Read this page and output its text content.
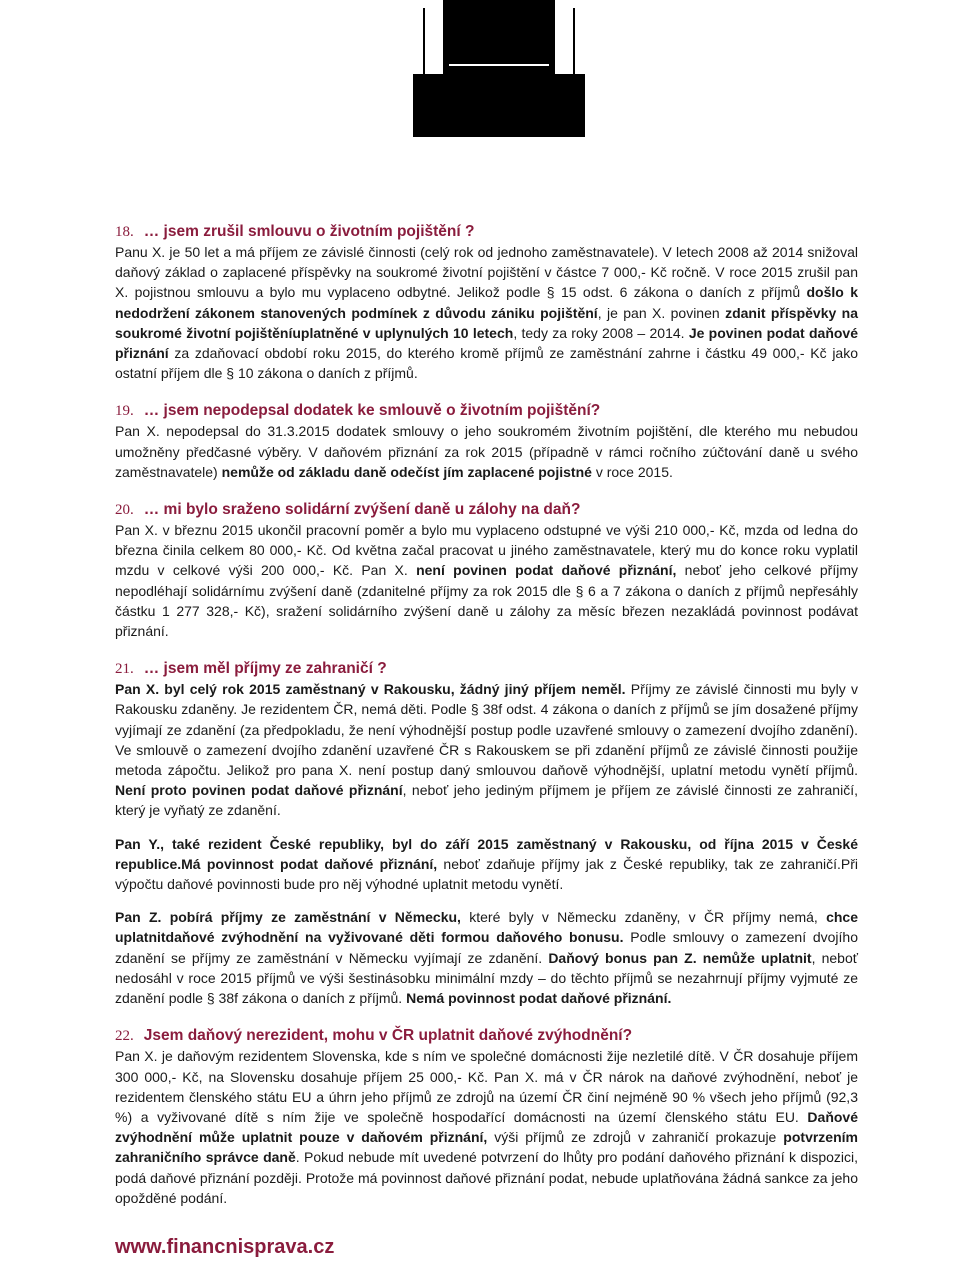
18. … jsem zrušil smlouvu o životním pojištění ?

Panu X. je 50 let a má příjem ze závislé činnosti (celý rok od jednoho zaměstnavatele). V letech 2008 až 2014 snižoval daňový základ o zaplacené příspěvky na soukromé životní pojištění v částce 7 000,- Kč ročně. V roce 2015 zrušil pan X. pojistnou smlouvu a bylo mu vyplaceno odbytné. Jelikož podle § 15 odst. 6 zákona o daních z příjmů došlo k nedodržení zákonem stanovených podmínek z důvodu zániku pojištění, je pan X. povinen zdanit příspěvky na soukromé životní pojištěníuplatněné v uplynulých 10 letech, tedy za roky 2008 – 2014. Je povinen podat daňové přiznání za zdaňovací období roku 2015, do kterého kromě příjmů ze zaměstnání zahrne i částku 49 000,- Kč jako ostatní příjem dle § 10 zákona o daních z příjmů.

19. … jsem nepodepsal dodatek ke smlouvě o životním pojištění?

Pan X. nepodepsal do 31.3.2015 dodatek smlouvy o jeho soukromém životním pojištění, dle kterého mu nebudou umožněny předčasné výběry. V daňovém přiznání za rok 2015 (případně v rámci ročního zúčtování daně u svého zaměstnavatele) nemůže od základu daně odečíst jím zaplacené pojistné v roce 2015.

20. … mi bylo sraženo solidární zvýšení daně u zálohy na daň?

Pan X. v březnu 2015 ukončil pracovní poměr a bylo mu vyplaceno odstupné ve výši 210 000,- Kč, mzda od ledna do března činila celkem 80 000,- Kč. Od května začal pracovat u jiného zaměstnavatele, který mu do konce roku vyplatil mzdu v celkové výši 200 000,- Kč. Pan X. není povinen podat daňové přiznání, neboť jeho celkové příjmy nepodléhají solidárnímu zvýšení daně (zdanitelné příjmy za rok 2015 dle § 6 a 7 zákona o daních z příjmů nepřesáhly částku 1 277 328,- Kč), sražení solidárního zvýšení daně u zálohy za měsíc březen nezakládá povinnost podávat přiznání.

21. … jsem měl příjmy ze zahraničí ?

Pan X. byl celý rok 2015 zaměstnaný v Rakousku, žádný jiný příjem neměl. Příjmy ze závislé činnosti mu byly v Rakousku zdaněny. Je rezidentem ČR, nemá děti. Podle § 38f odst. 4 zákona o daních z příjmů se jím dosažené příjmy vyjímají ze zdanění (za předpokladu, že není výhodnější postup podle uzavřené smlouvy o zamezení dvojího zdanění). Ve smlouvě o zamezení dvojího zdanění uzavřené ČR s Rakouskem se při zdanění příjmů ze závislé činnosti použije metoda zápočtu. Jelikož pro pana X. není postup daný smlouvou daňově výhodnější, uplatní metodu vynětí příjmů. Není proto povinen podat daňové přiznání, neboť jeho jediným příjmem je příjem ze závislé činnosti ze zahraničí, který je vyňatý ze zdanění.

Pan Y., také rezident České republiky, byl do září 2015 zaměstnaný v Rakousku, od října 2015 v České republice.Má povinnost podat daňové přiznání, neboť zdaňuje příjmy jak z České republiky, tak ze zahraničí.Při výpočtu daňové povinnosti bude pro něj výhodné uplatnit metodu vynětí.

Pan Z. pobírá příjmy ze zaměstnání v Německu, které byly v Německu zdaněny, v ČR příjmy nemá, chce uplatnitdaňové zvýhodnění na vyživované děti formou daňového bonusu. Podle smlouvy o zamezení dvojího zdanění se příjmy ze zaměstnání v Německu vyjímají ze zdanění. Daňový bonus pan Z. nemůže uplatnit, neboť nedosáhl v roce 2015 příjmů ve výši šestinásobku minimální mzdy – do těchto příjmů se nezahrnují příjmy vyjmuté ze zdanění podle § 38f zákona o daních z příjmů. Nemá povinnost podat daňové přiznání.

22. Jsem daňový nerezident, mohu v ČR uplatnit daňové zvýhodnění?

Pan X. je daňovým rezidentem Slovenska, kde s ním ve společné domácnosti žije nezletilé dítě. V ČR dosahuje příjem 300 000,- Kč, na Slovensku dosahuje příjem 25 000,- Kč. Pan X. má v ČR nárok na daňové zvýhodnění, neboť je rezidentem členského státu EU a úhrn jeho příjmů ze zdrojů na území ČR činí nejméně 90 % všech jeho příjmů (92,3 %) a vyživované dítě s ním žije ve společně hospodařící domácnosti na území členského státu EU. Daňové zvýhodnění může uplatnit pouze v daňovém přiznání, výši příjmů ze zdrojů v zahraničí prokazuje potvrzením zahraničního správce daně. Pokud nebude mít uvedené potvrzení do lhůty pro podání daňového přiznání k dispozici, podá daňové přiznání později. Protože má povinnost daňové přiznání podat, nebude uplatňována žádná sankce za jeho opožděné podání.

www.financnisprava.cz
